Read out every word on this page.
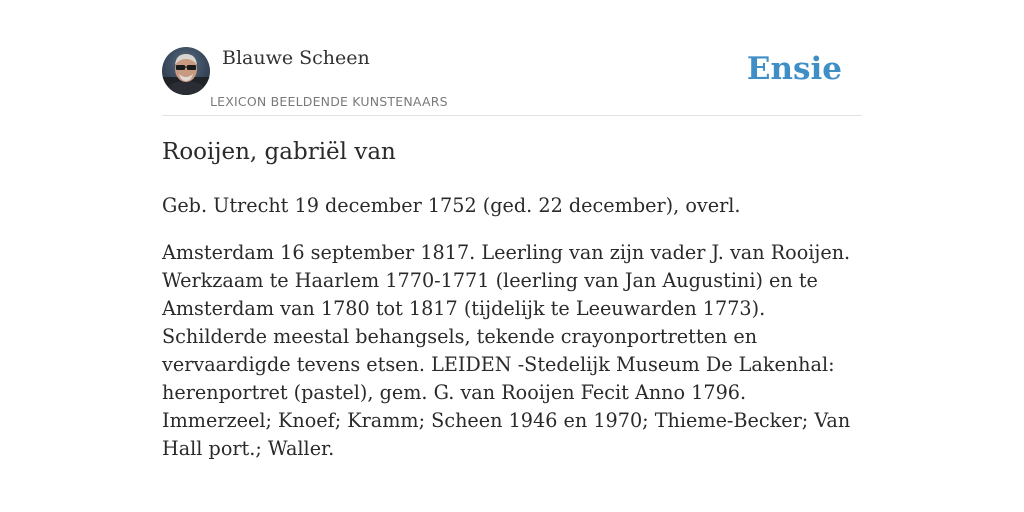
Blauwe Scheen
LEXICON BEELDENDE KUNSTENAARS
Ensie
Rooijen, gabriël van

Geb. Utrecht 19 december 1752 (ged. 22 december), overl.

Amsterdam 16 september 1817. Leerling van zijn vader J. van Rooijen. Werkzaam te Haarlem 1770-1771 (leerling van Jan Augustini) en te Amsterdam van 1780 tot 1817 (tijdelijk te Leeuwarden 1773). Schilderde meestal behangsels, tekende crayonportretten en vervaardigde tevens etsen. LEIDEN -Stedelijk Museum De Lakenhal: herenportret (pastel), gem. G. van Rooijen Fecit Anno 1796.

Immerzeel; Knoef; Kramm; Scheen 1946 en 1970; Thieme-Becker; Van Hall port.; Waller.
